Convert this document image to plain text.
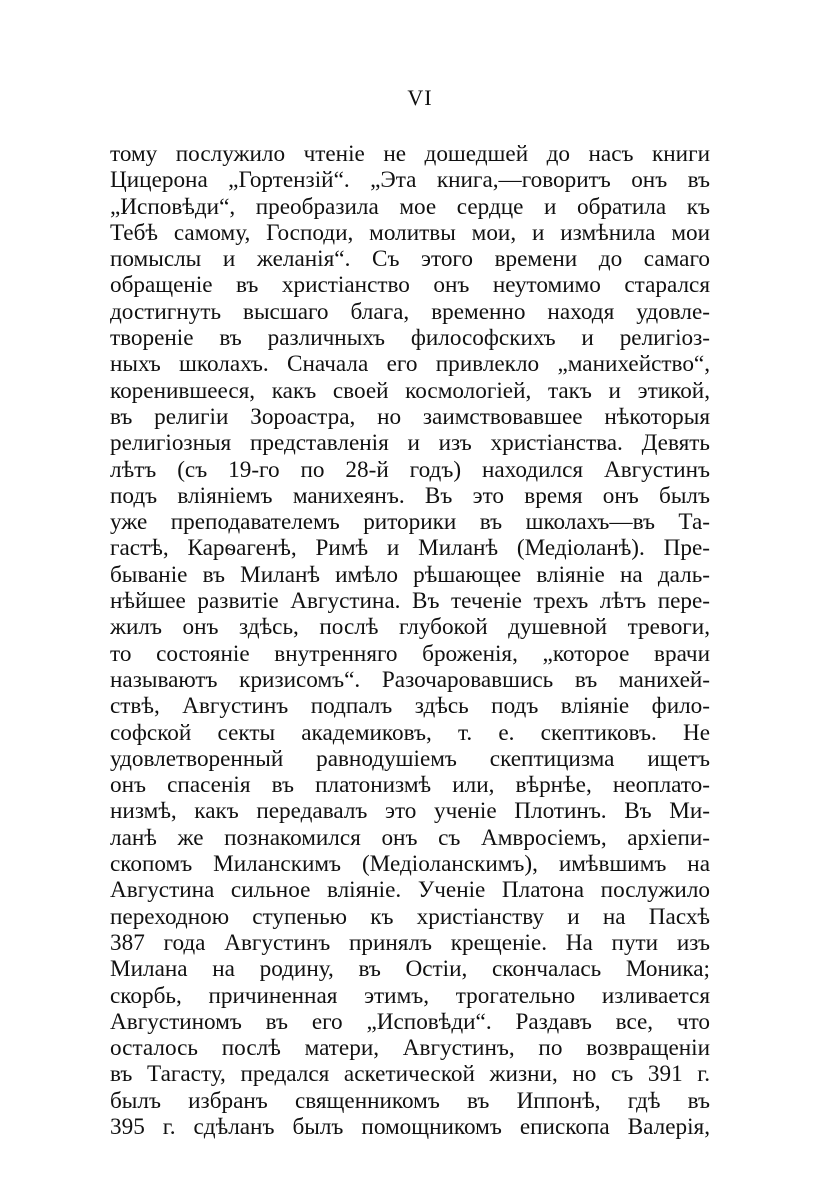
VI
тому послужило чтенiе не дошедшей до насъ книги
Цицерона „Гортензiй“. „Эта книга,—говоритъ онъ въ
„Исповѣди“, преобразила мое сердце и обратила къ
Тебѣ самому, Господи, молитвы мои, и измѣнила мои
помыслы и желанiя“. Съ этого времени до самаго
обращенiе въ христiанство онъ неутомимо старался
достигнуть высшаго блага, временно находя удовле-
творенiе въ различныхъ философскихъ и религiоз-
ныхъ школахъ. Сначала его привлекло „манихейство“,
коренившееся, какъ своей космологiей, такъ и этикой,
въ религiи Зороастра, но заимствовавшее нѣкоторыя
религiозныя представленiя и изъ христiанства. Девять
лѣтъ (съ 19-го по 28-й годъ) находился Августинъ
подъ влiянiемъ манихеянъ. Въ это время онъ былъ
уже преподавателемъ риторики въ школахъ—въ Та-
гастѣ, Карѳагенѣ, Римѣ и Миланѣ (Медiоланѣ). Пре-
быванiе въ Миланѣ имѣло рѣшающее влiянiе на даль-
нѣйшее развитiе Августина. Въ теченiе трехъ лѣтъ пере-
жилъ онъ здѣсь, послѣ глубокой душевной тревоги,
то состоянiе внутренняго броженiя, „которое врачи
называютъ кризисомъ“. Разочаровавшись въ манихей-
ствѣ, Августинъ подпалъ здѣсь подъ влiянiе фило-
софской секты академиковъ, т. е. скептиковъ. Не
удовлетворенный равнодушiемъ скептицизма ищетъ
онъ спасенiя въ платонизмѣ или, вѣрнѣе, неоплато-
низмѣ, какъ передавалъ это ученiе Плотинъ. Въ Ми-
ланѣ же познакомился онъ съ Амвросiемъ, архiепи-
скопомъ Миланскимъ (Медiоланскимъ), имѣвшимъ на
Августина сильное влiянiе. Ученiе Платона послужило
переходною ступенью къ христiанству и на Пасхѣ
387 года Августинъ принялъ крещенiе. На пути изъ
Милана на родину, въ Остiи, скончалась Моника;
скорбь, причиненная этимъ, трогательно изливается
Августиномъ въ его „Исповѣди“. Раздавъ все, что
осталось послѣ матери, Августинъ, по возвращенiи
въ Тагасту, предался аскетической жизни, но съ 391 г.
былъ избранъ священникомъ въ Иппонѣ, гдѣ въ
395 г. сдѣланъ былъ помощникомъ епископа Валерiя,
